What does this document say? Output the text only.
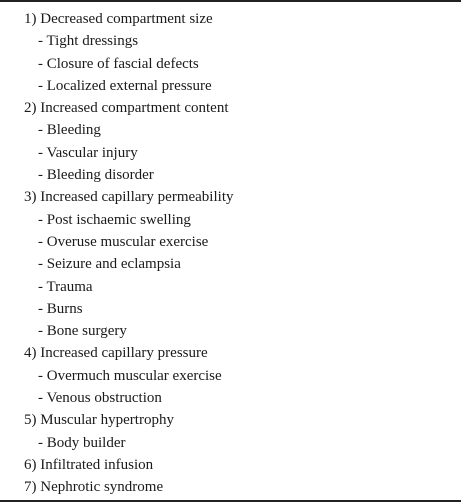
1) Decreased compartment size
- Tight dressings
- Closure of fascial defects
- Localized external pressure
2) Increased compartment content
- Bleeding
- Vascular injury
- Bleeding disorder
3) Increased capillary permeability
- Post ischaemic swelling
- Overuse muscular exercise
- Seizure and eclampsia
- Trauma
- Burns
- Bone surgery
4) Increased capillary pressure
- Overmuch muscular exercise
- Venous obstruction
5) Muscular hypertrophy
- Body builder
6) Infiltrated infusion
7) Nephrotic syndrome
